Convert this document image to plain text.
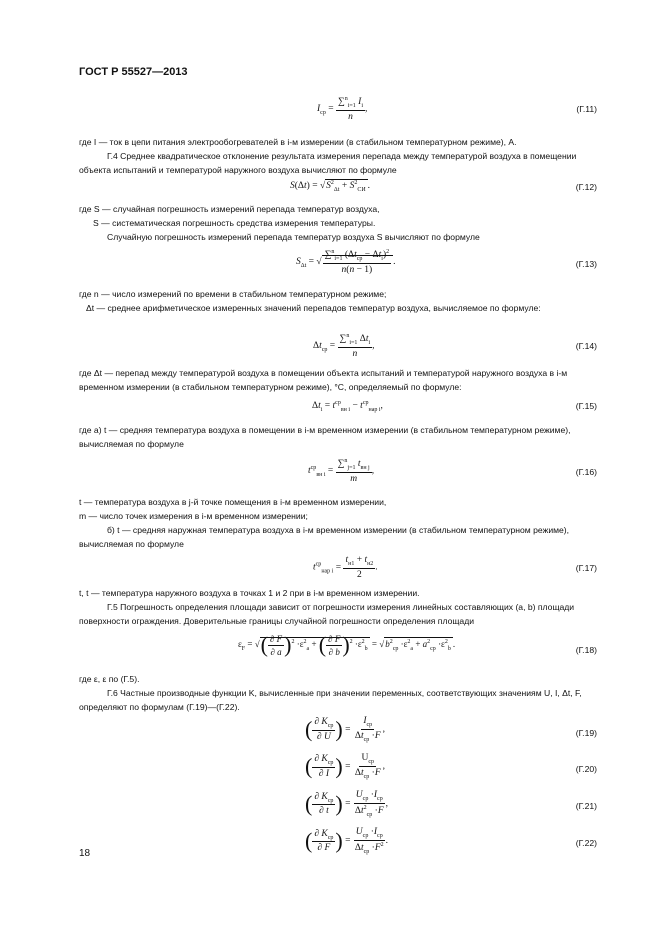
ГОСТ Р 55527—2013
$I_{ср} = \frac{\sum^n_{i=1} I_i}{n}$ ,	(Г.11)
где I — ток в цепи питания электрообогревателей в i-м измерении (в стабильном температурном режиме), А.
Г.4 Среднее квадратическое отклонение результата измерения перепада между температурой воздуха в помещении объекта испытаний и температурой наружного воздуха вычисляют по формуле
$S(\Delta t) = √S^2_{\Delta t} + S^2_{СИ}$ .	(Г.12)
где S — случайная погрешность измерений перепада температур воздуха,
S — систематическая погрешность средства измерения температуры.
Случайную погрешность измерений перепада температур воздуха S вычисляют по формуле
$S_{\Delta t}$ = √ $\frac{\sum^n_{i=1} (\Delta t_{ср} - \Delta t_i)^2}{n(n - 1)}$ .	(Г.13)
где n — число измерений по времени в стабильном температурном режиме;
Δt — среднее арифметическое измеренных значений перепадов температур воздуха, вычисляемое по формуле:
$\Delta t_{ср} = \frac{\sum^n_{i=1} \Delta t_i}{n}$ ,	(Г.14)
где Δt — перепад между температурой воздуха в помещении объекта испытаний и температурой наружного воздуха в i-м временном измерении (в стабильном температурном режиме), °C, определяемый по формуле:
$\Delta t_i = t^{ср}_{вн i} - t^{ср}_{нар i}$,	(Г.15)
где а) t — средняя температура воздуха в помещении в i-м временном измерении (в стабильном температурном режиме), вычисляемая по формуле
$t^{ср}_{вн i} = \frac{\sum^n_{j=1} t_{вн j}}{m}$ ,	(Г.16)
t — температура воздуха в j-й точке помещения в i-м временном измерении,
m — число точек измерения в i-м временном измерении;
б) t — средняя наружная температура воздуха в i-м временном измерении (в стабильном температурном режиме), вычисляемая по формуле
$t^{ср}_{нар i} = \frac{t_{н1} + t_{н2}}{2}$ .	(Г.17)
t, t — температура наружного воздуха в точках 1 и 2 при в i-м временном измерении.
Г.5 Погрешность определения площади зависит от погрешности измерения линейных составляющих (a, b) площади поверхности ограждения. Доверительные границы случайной погрешности определения площади
$\varepsilon_F$ = √( $\frac{\partial F}{\partial a} )^2 \cdot\varepsilon^2_a$ + ( $\frac{\partial F}{\partial b} )^2 \cdot\varepsilon^2_b = √b^2_{ср} \cdot\varepsilon^2_a + a^2_{ср} \cdot\varepsilon^2_b$ .
(Г.18)
где ε, ε по (Г.5).
Г.6 Частные производные функции K, вычисленные при значении переменных, соответствующих значениям U, I, Δt, F, определяют по формулам (Г.19)—(Г.22).
( $\frac{\partial K_{ср}}{\partial U}$ ) = $\frac{I_{ср}}{\Delta t_{ср} \cdot F}$ ,	(Г.19)
( $\frac{\partial K_{ср}}{\partial I}$ ) = $\frac{U_{ср}}{\Delta t_{ср} \cdot F}$ ,	(Г.20)
( $\frac{\partial K_{ср}}{\partial t}$ ) = $\frac{U_{ср} \cdot I_{ср}}{\Delta t^2_{ср} \cdot F}$ ,	(Г.21)
( $\frac{\partial K_{ср}}{\partial F}$ ) = $\frac{U_{ср} \cdot I_{ср}}{\Delta t_{ср} \cdot F^2}$ .	(Г.22)
18
